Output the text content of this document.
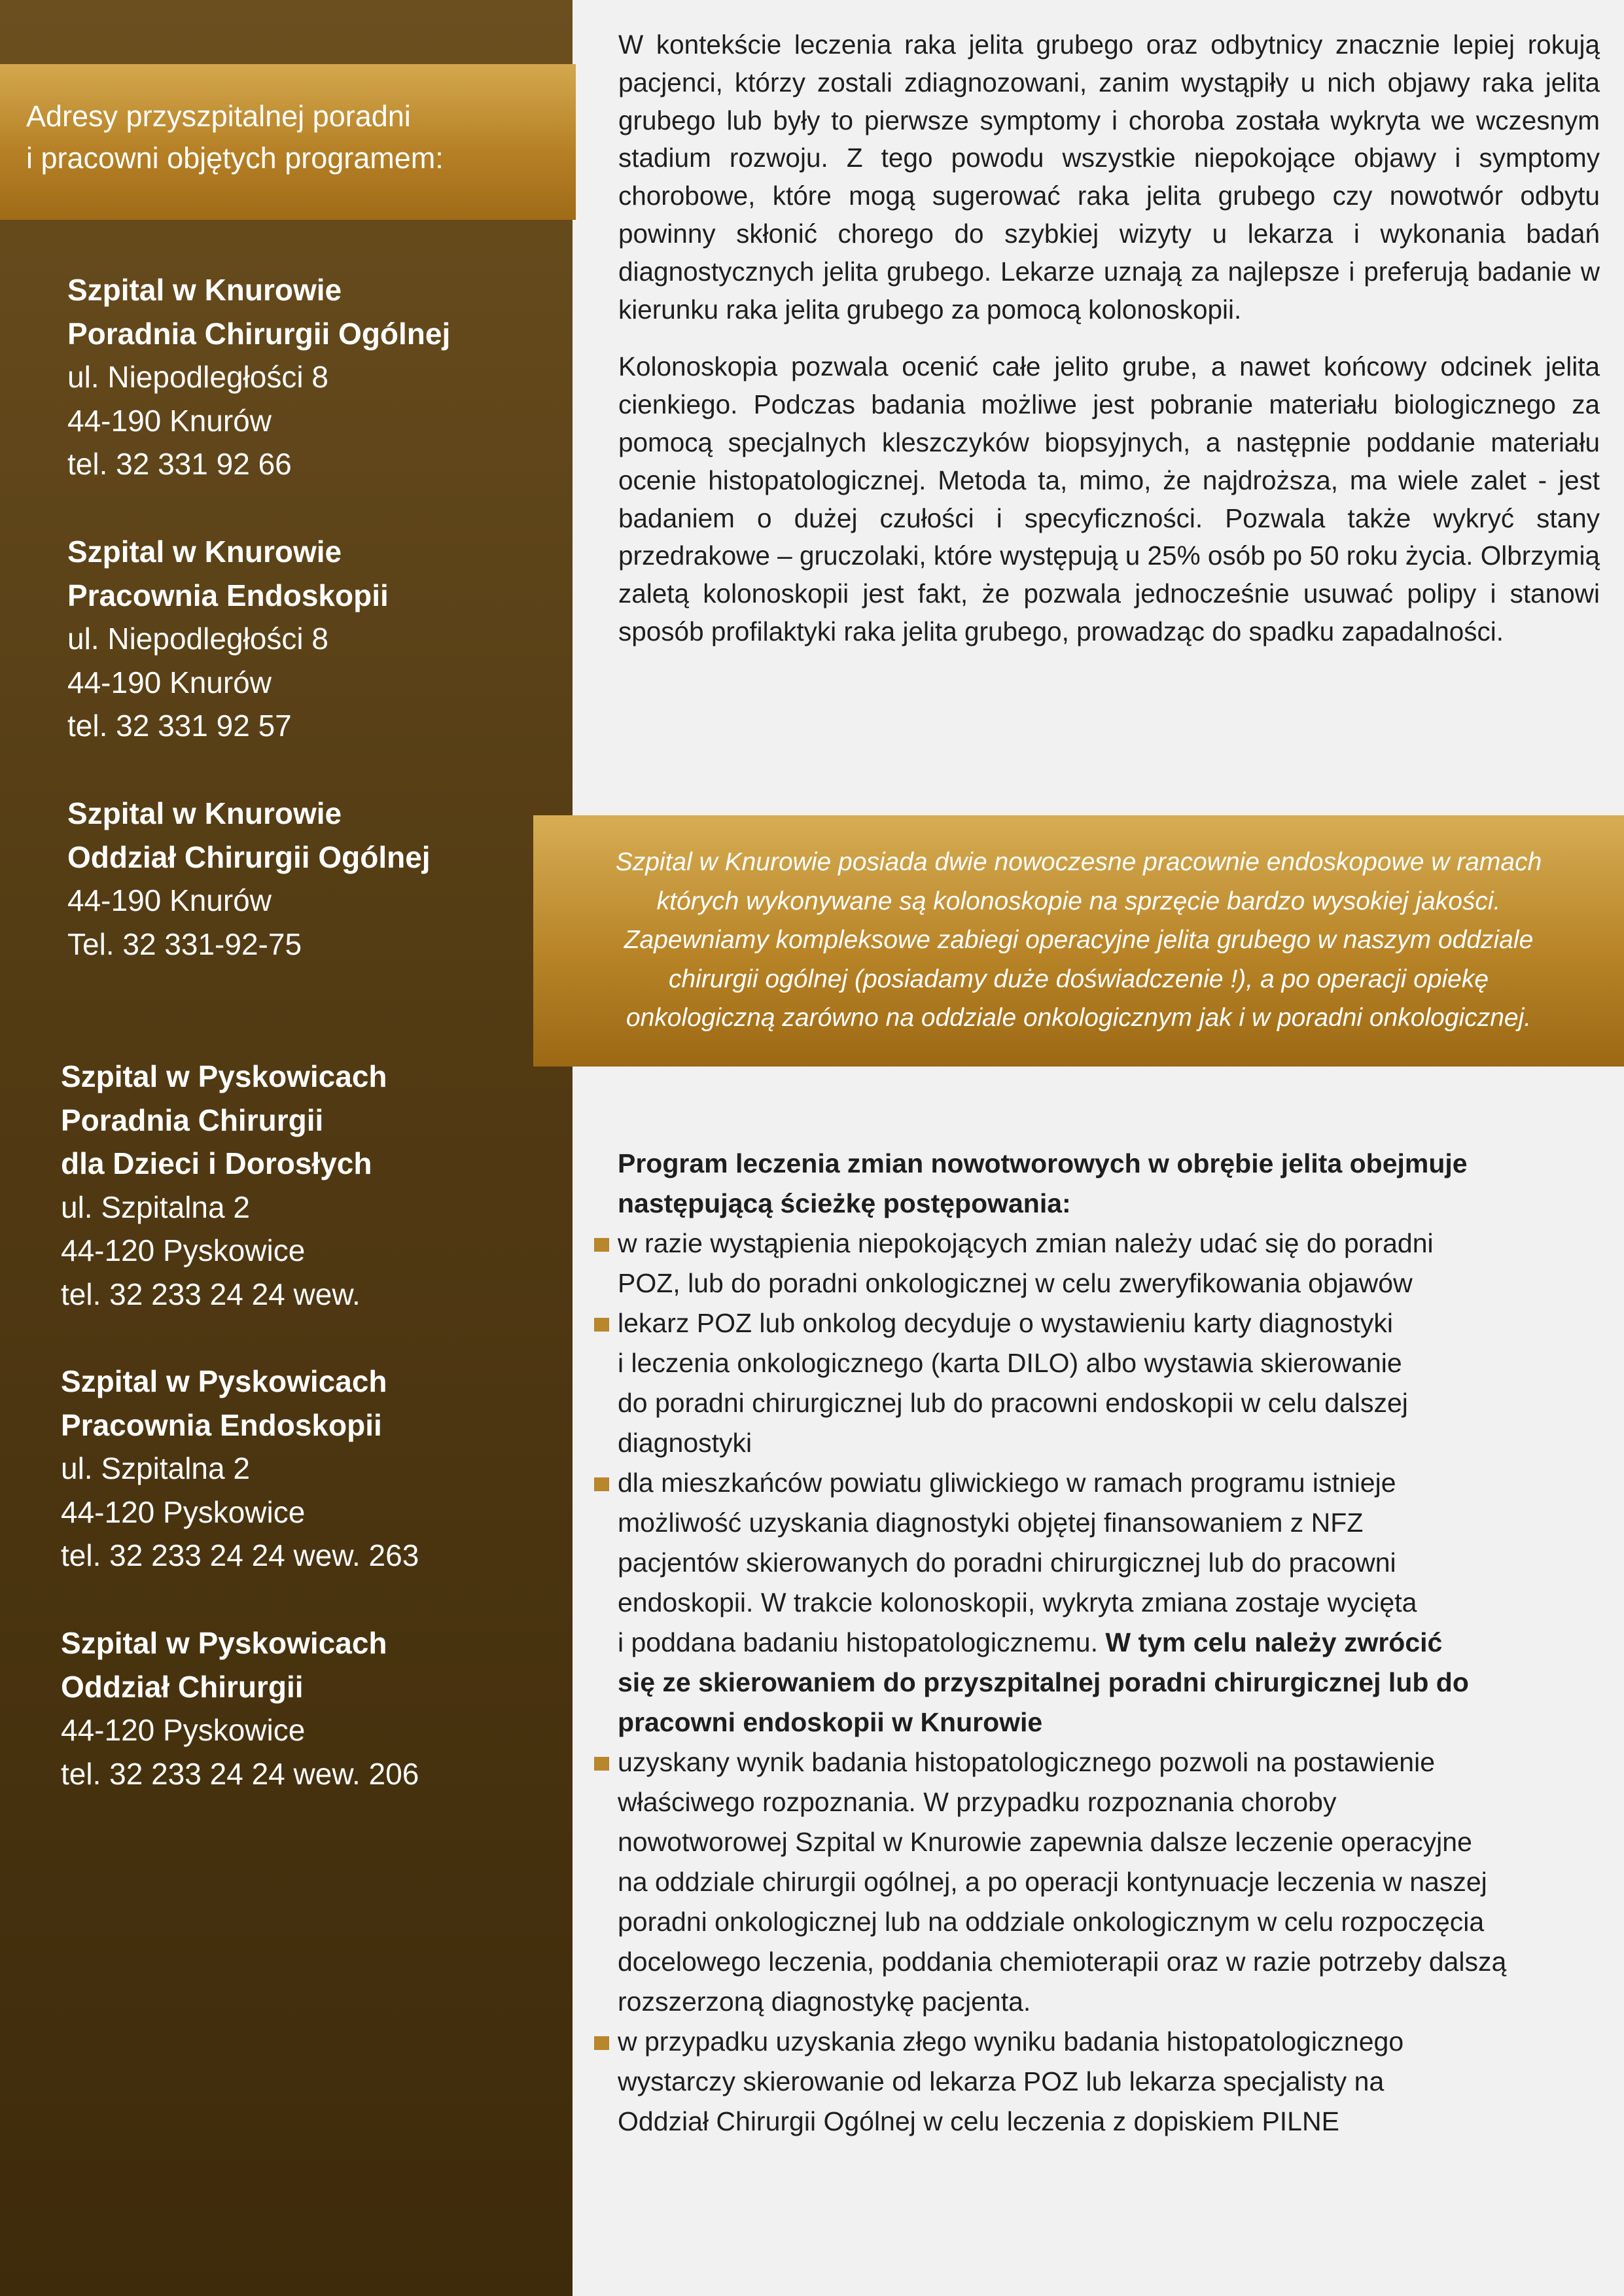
Adresy przyszpitalnej poradni
i pracowni objętych programem:
Szpital w Knurowie
Poradnia Chirurgii Ogólnej
ul. Niepodległości 8
44-190 Knurów
tel. 32 331 92 66
Szpital w Knurowie
Pracownia Endoskopii
ul. Niepodległości 8
44-190 Knurów
tel. 32 331 92 57
Szpital w Knurowie
Oddział Chirurgii Ogólnej
44-190 Knurów
Tel. 32 331-92-75
Szpital w Pyskowicach
Poradnia Chirurgii
dla Dzieci i Dorosłych
ul. Szpitalna 2
44-120 Pyskowice
tel. 32 233 24 24 wew.
Szpital w Pyskowicach
Pracownia Endoskopii
ul. Szpitalna 2
44-120 Pyskowice
tel. 32 233 24 24 wew. 263
Szpital w Pyskowicach
Oddział Chirurgii
44-120 Pyskowice
tel. 32 233 24 24 wew. 206

W kontekście leczenia raka jelita grubego oraz odbytnicy znacznie lepiej rokują pacjenci, którzy zostali zdiagnozowani, zanim wystąpiły u nich objawy raka jelita grubego lub były to pierwsze symptomy i choroba została wykryta we wczesnym stadium rozwoju. Z tego powodu wszystkie niepokojące objawy i symptomy chorobowe, które mogą sugerować raka jelita grubego czy nowotwór odbytu powinny skłonić chorego do szybkiej wizyty u lekarza i wykonania badań diagnostycznych jelita grubego. Lekarze uznają za najlepsze i preferują badanie w kierunku raka jelita grubego za pomocą kolonoskopii.

Kolonoskopia pozwala ocenić całe jelito grube, a nawet końcowy odcinek jelita cienkiego. Podczas badania możliwe jest pobranie materiału biologicznego za pomocą specjalnych kleszczyków biopsyjnych, a następnie poddanie materiału ocenie histopatologicznej. Metoda ta, mimo, że najdroższa, ma wiele zalet - jest badaniem o dużej czułości i specyficzności. Pozwala także wykryć stany przedrakowe – gruczolaki, które występują u 25% osób po 50 roku życia. Olbrzymią zaletą kolonoskopii jest fakt, że pozwala jednocześnie usuwać polipy i stanowi sposób profilaktyki raka jelita grubego, prowadząc do spadku zapadalności.

Szpital w Knurowie posiada dwie nowoczesne pracownie endoskopowe w ramach
których wykonywane są kolonoskopie na sprzęcie bardzo wysokiej jakości.
Zapewniamy kompleksowe zabiegi operacyjne jelita grubego w naszym oddziale
chirurgii ogólnej (posiadamy duże doświadczenie !), a po operacji opiekę
onkologiczną zarówno na oddziale onkologicznym jak i w poradni onkologicznej.
Program leczenia zmian nowotworowych w obrębie jelita obejmuje
następującą ścieżkę postępowania:
w razie wystąpienia niepokojących zmian należy udać się do poradni
POZ, lub do poradni onkologicznej w celu zweryfikowania objawów
lekarz POZ lub onkolog decyduje o wystawieniu karty diagnostyki
i leczenia onkologicznego (karta DILO) albo wystawia skierowanie
do poradni chirurgicznej lub do pracowni endoskopii w celu dalszej
diagnostyki
dla mieszkańców powiatu gliwickiego w ramach programu istnieje
możliwość uzyskania diagnostyki objętej finansowaniem z NFZ
pacjentów skierowanych do poradni chirurgicznej lub do pracowni
endoskopii. W trakcie kolonoskopii, wykryta zmiana zostaje wycięta
i poddana badaniu histopatologicznemu. W tym celu należy zwrócić
się ze skierowaniem do przyszpitalnej poradni chirurgicznej lub do
pracowni endoskopii w Knurowie
uzyskany wynik badania histopatologicznego pozwoli na postawienie
właściwego rozpoznania. W przypadku rozpoznania choroby
nowotworowej Szpital w Knurowie zapewnia dalsze leczenie operacyjne
na oddziale chirurgii ogólnej, a po operacji kontynuacje leczenia w naszej
poradni onkologicznej lub na oddziale onkologicznym w celu rozpoczęcia
docelowego leczenia, poddania chemioterapii oraz w razie potrzeby dalszą
rozszerzoną diagnostykę pacjenta.
w przypadku uzyskania złego wyniku badania histopatologicznego
wystarczy skierowanie od lekarza POZ lub lekarza specjalisty na
Oddział Chirurgii Ogólnej w celu leczenia z dopiskiem PILNE
